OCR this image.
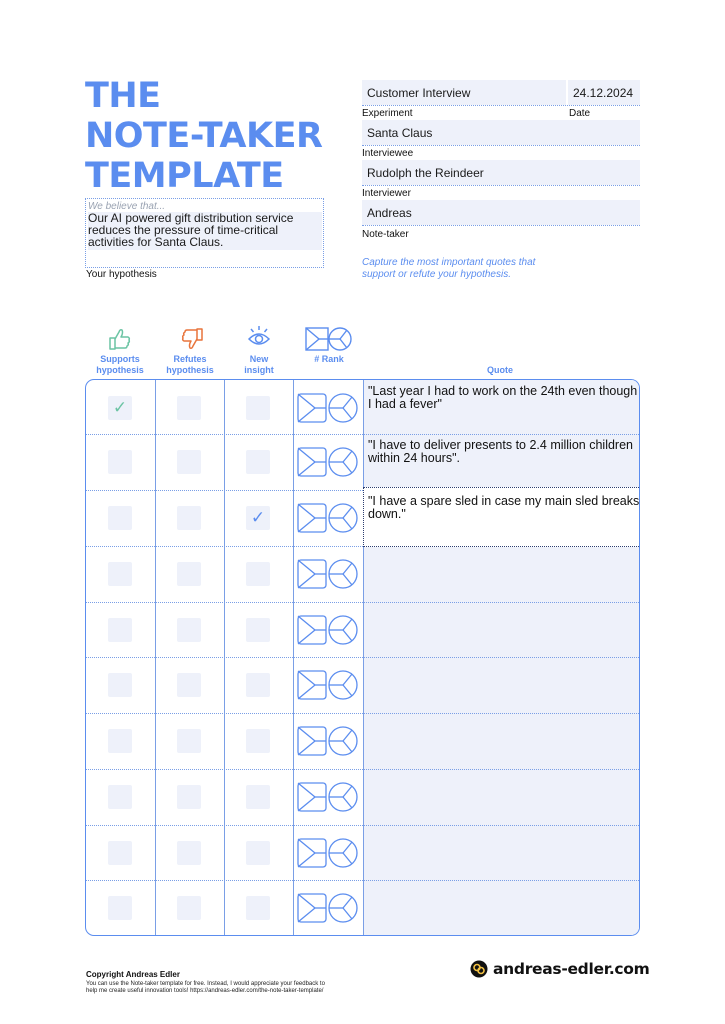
THE
NOTE-TAKER
TEMPLATE
We believe that...
Our AI powered gift distribution service reduces the pressure of time-critical activities for Santa Claus.
Your hypothesis
Customer Interview	24.12.2024
Experiment	Date
Santa Claus
Interviewee
Rudolph the Reindeer
Interviewer
Andreas
Note-taker
Capture the most important quotes that support or refute your hypothesis.
Supports hypothesis
Refutes hypothesis
New insight
# Rank
Quote
✓
"Last year I had to work on the 24th even though I had a fever"
"I have to deliver presents to 2.4 million children within 24 hours".
✓
"I have a spare sled in case my main sled breaks down."
Copyright Andreas Edler
You can use the Note-taker template for free. Instead, I would appreciate your feedback to help me create useful innovation tools! https://andreas-edler.com/the-note-taker-template/
andreas-edler.com
